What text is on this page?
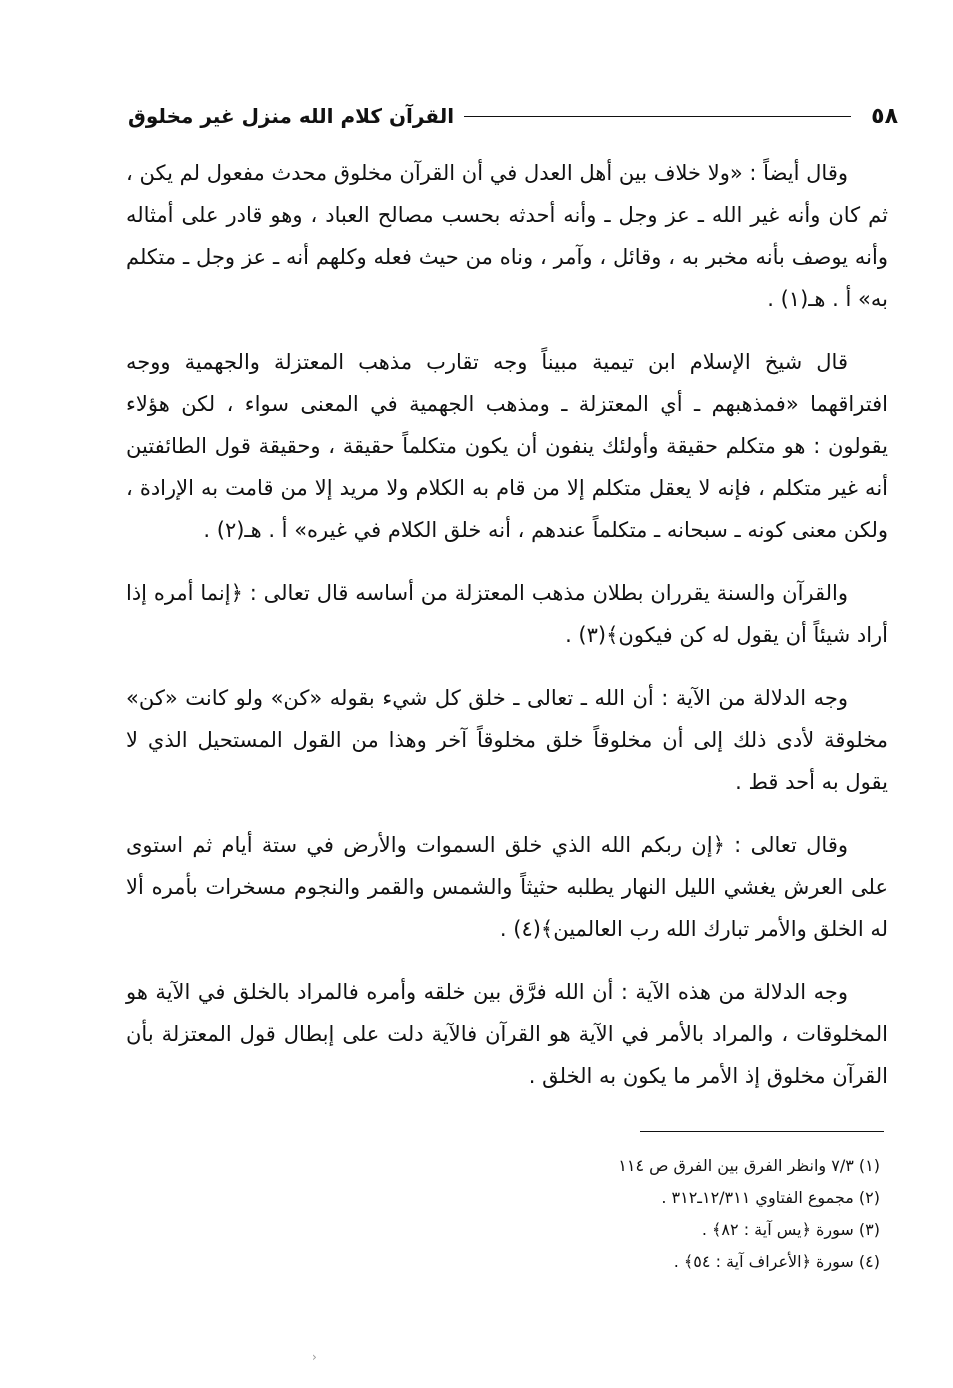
٥٨
القرآن كلام الله منزل غير مخلوق

وقال أيضاً : «ولا خلاف بين أهل العدل في أن القرآن مخلوق محدث مفعول لم يكن ، ثم كان وأنه غير الله ـ عز وجل ـ وأنه أحدثه بحسب مصالح العباد ، وهو قادر على أمثاله وأنه يوصف بأنه مخبر به ، وقائل ، وآمر ، وناه من حيث فعله وكلهم أنه ـ عز وجل ـ متكلم به» أ . هـ(١) .

قال شيخ الإسلام ابن تيمية مبيناً وجه تقارب مذهب المعتزلة والجهمية ووجه افتراقهما «فمذهبهم ـ أي المعتزلة ـ ومذهب الجهمية في المعنى سواء ، لكن هؤلاء يقولون : هو متكلم حقيقة وأولئك ينفون أن يكون متكلماً حقيقة ، وحقيقة قول الطائفتين أنه غير متكلم ، فإنه لا يعقل متكلم إلا من قام به الكلام ولا مريد إلا من قامت به الإرادة ، ولكن معنى كونه ـ سبحانه ـ متكلماً عندهم ، أنه خلق الكلام في غيره» أ . هـ(٢) .

والقرآن والسنة يقرران بطلان مذهب المعتزلة من أساسه قال تعالى : ﴿إنما أمره إذا أراد شيئاً أن يقول له كن فيكون﴾(٣) .

وجه الدلالة من الآية : أن الله ـ تعالى ـ خلق كل شيء بقوله «كن» ولو كانت «كن» مخلوقة لأدى ذلك إلى أن مخلوقاً خلق مخلوقاً آخر وهذا من القول المستحيل الذي لا يقول به أحد قط .

وقال تعالى : ﴿إن ربكم الله الذي خلق السموات والأرض في ستة أيام ثم استوى على العرش يغشي الليل النهار يطلبه حثيثاً والشمس والقمر والنجوم مسخرات بأمره ألا له الخلق والأمر تبارك الله رب العالمين﴾(٤) .

وجه الدلالة من هذه الآية : أن الله فرَّق بين خلقه وأمره فالمراد بالخلق في الآية هو المخلوقات ، والمراد بالأمر في الآية هو القرآن فالآية دلت على إبطال قول المعتزلة بأن القرآن مخلوق إذ الأمر ما يكون به الخلق .

(١) ٧/٣ وانظر الفرق بين الفرق ص ١١٤

(٢) مجموع الفتاوي ١٢/٣١١ـ٣١٢ .

(٣) سورة ﴿يس آية : ٨٢﴾ .

(٤) سورة ﴿الأعراف آية : ٥٤﴾ .

‹
